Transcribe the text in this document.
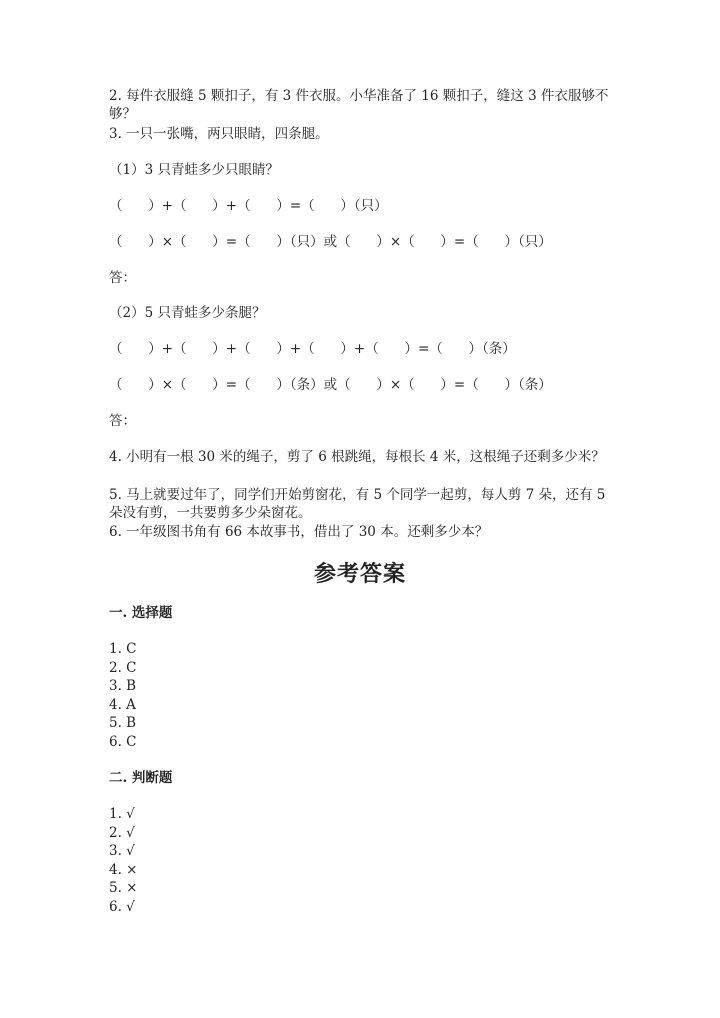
2. 每件衣服缝 5 颗扣子，有 3 件衣服。小华准备了 16 颗扣子，缝这 3 件衣服够不够？

3. 一只一张嘴，两只眼睛，四条腿。

（1）3 只青蛙多少只眼睛？

（      ）+（      ）+（      ）=（      ）（只）

（      ）×（      ）=（      ）（只）或（      ）×（      ）=（      ）（只）

答：

（2）5 只青蛙多少条腿？

（      ）+（      ）+（      ）+（      ）+（      ）=（      ）（条）

（      ）×（      ）=（      ）（条）或（      ）×（      ）=（      ）（条）

答：

4. 小明有一根 30 米的绳子，剪了 6 根跳绳，每根长 4 米，这根绳子还剩多少米？

5. 马上就要过年了，同学们开始剪窗花，有 5 个同学一起剪，每人剪 7 朵，还有 5 朵没有剪，一共要剪多少朵窗花。

6. 一年级图书角有 66 本故事书，借出了 30 本。还剩多少本？

参考答案

一. 选择题

1. C

2. C

3. B

4. A

5. B

6. C

二. 判断题

1. √

2. √

3. √

4. ×

5. ×

6. √
